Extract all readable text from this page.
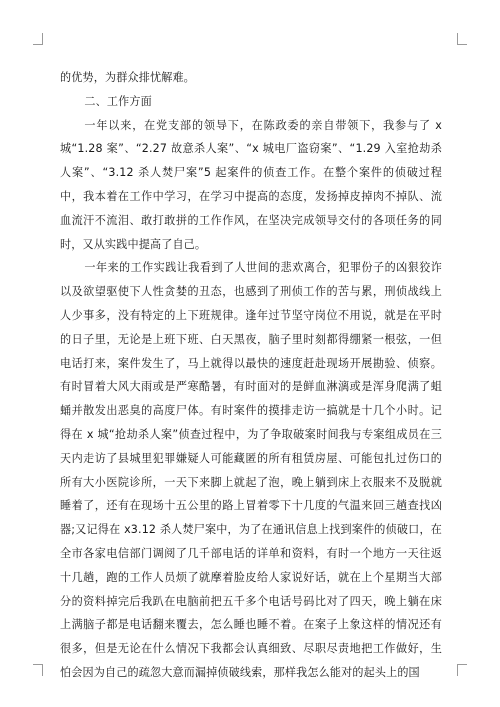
的优势，为群众排忧解难。

二、工作方面

一年以来，在党支部的领导下，在陈政委的亲自带领下，我参与了 x 城“1.28 案”、“2.27 故意杀人案”、“x 城电厂盗窃案”、“1.29 入室抢劫杀人案”、“3.12 杀人焚尸案”5 起案件的侦查工作。在整个案件的侦破过程中，我本着在工作中学习，在学习中提高的态度，发扬掉皮掉肉不掉队、流血流汗不流泪、敢打敢拼的工作作风，在坚决完成领导交付的各项任务的同时，又从实践中提高了自己。

一年来的工作实践让我看到了人世间的悲欢离合，犯罪份子的凶狠狡诈以及欲望驱使下人性贪婪的丑态，也感到了刑侦工作的苦与累，刑侦战线上人少事多，没有特定的上下班规律。逢年过节坚守岗位不用说，就是在平时的日子里，无论是上班下班、白天黑夜，脑子里时刻都得绷紧一根弦，一但电话打来，案件发生了，马上就得以最快的速度赶赴现场开展勘验、侦察。有时冒着大风大雨或是严寒酷暑，有时面对的是鲜血淋漓或是浑身爬满了蛆蛹并散发出恶臭的高度尸体。有时案件的摸排走访一搞就是十几个小时。记得在 x 城“抢劫杀人案”侦查过程中，为了争取破案时间我与专案组成员在三天内走访了县城里犯罪嫌疑人可能藏匿的所有租赁房屋、可能包扎过伤口的所有大小医院诊所，一天下来脚上就起了泡，晚上躺到床上衣服来不及脱就睡着了，还有在现场十五公里的路上冒着零下十几度的气温来回三趟查找凶器;又记得在 x3.12 杀人焚尸案中，为了在通讯信息上找到案件的侦破口，在全市各家电信部门调阅了几千部电话的详单和资料，有时一个地方一天往返十几趟，跑的工作人员烦了就摩着脸皮给人家说好话，就在上个星期当大部分的资料掉完后我趴在电脑前把五千多个电话号码比对了四天，晚上躺在床上满脑子都是电话翻来覆去，怎么睡也睡不着。在案子上象这样的情况还有很多，但是无论在什么情况下我都会认真细致、尽职尽责地把工作做好，生怕会因为自己的疏忽大意而漏掉侦破线索，那样我怎么能对的起头上的国
